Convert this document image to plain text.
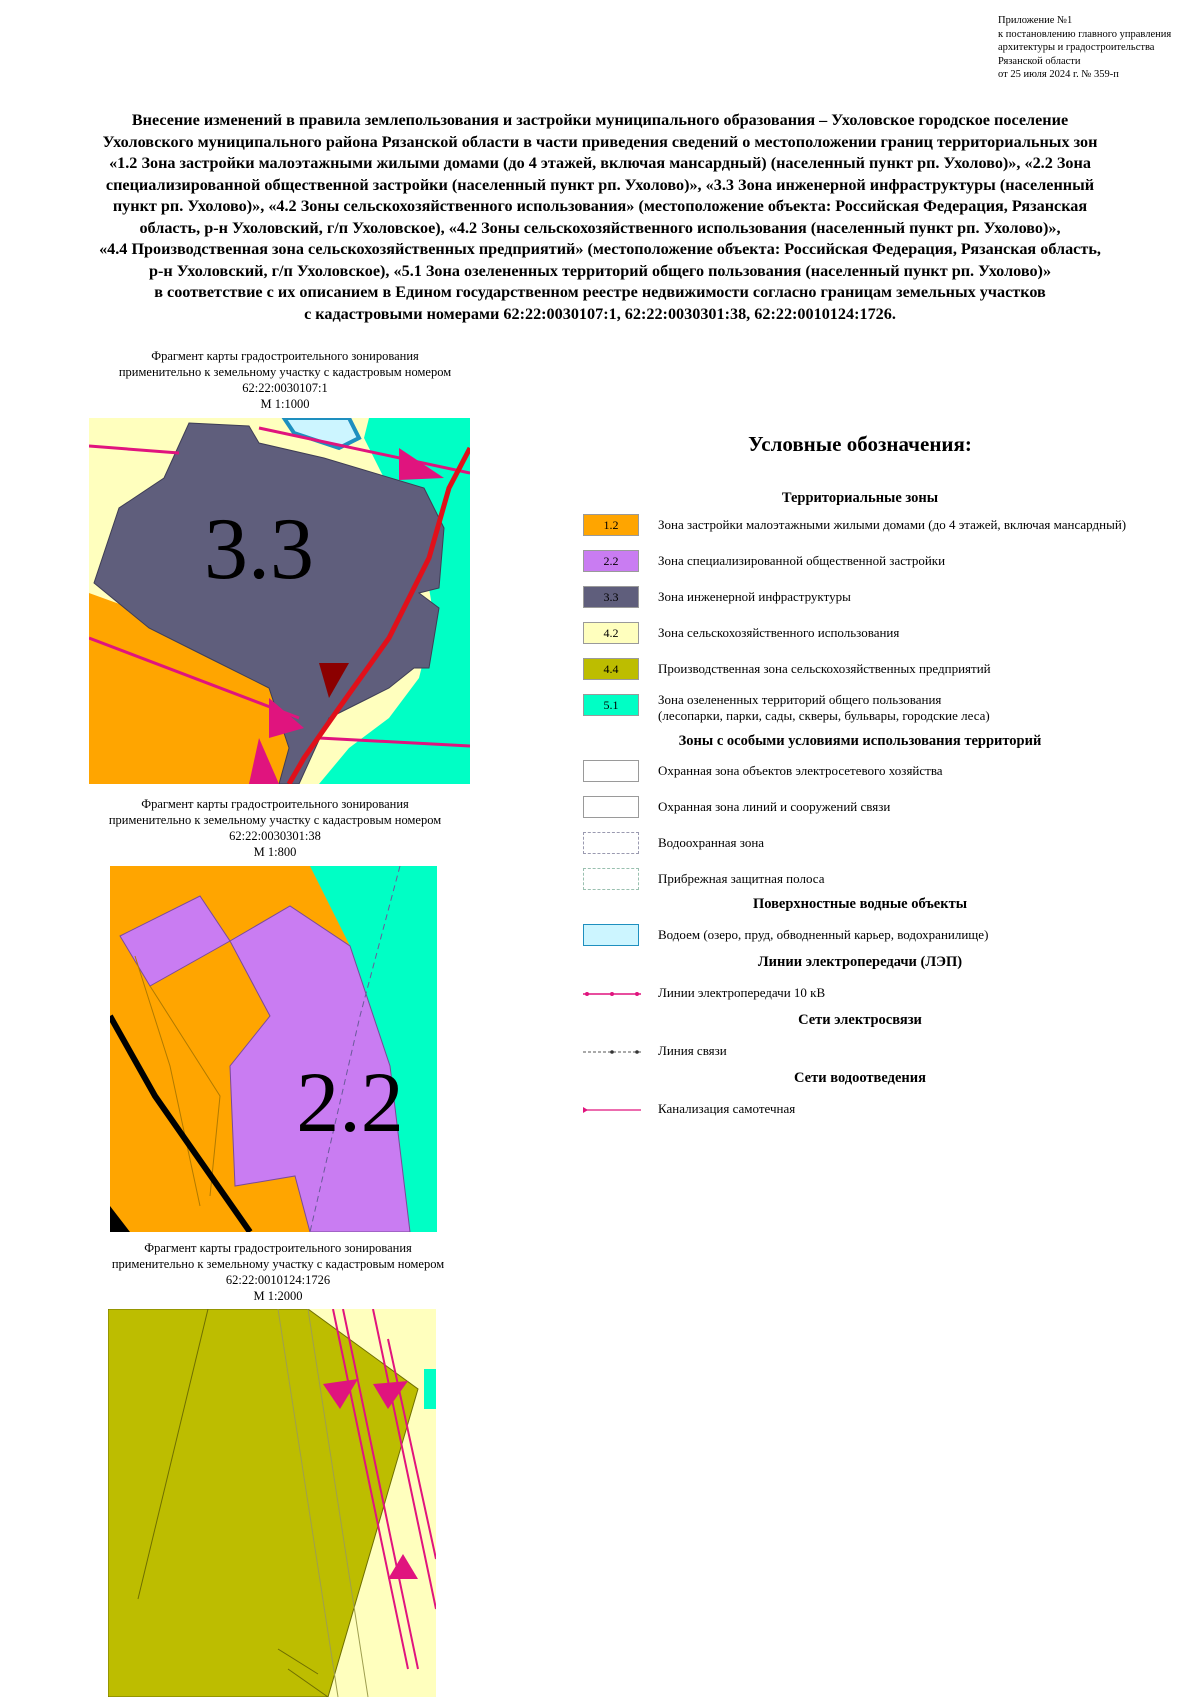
Приложение №1
к постановлению главного управления
архитектуры и градостроительства
Рязанской области
от 25 июля 2024 г. № 359-п
Внесение изменений в правила землепользования и застройки муниципального образования – Ухоловское городское поселение
Ухоловского муниципального района Рязанской области в части приведения сведений о местоположении границ территориальных зон
«1.2 Зона застройки малоэтажными жилыми домами (до 4 этажей, включая мансардный) (населенный пункт рп. Ухолово)», «2.2 Зона
специализированной общественной застройки (населенный пункт рп. Ухолово)», «3.3 Зона инженерной инфраструктуры (населенный
пункт рп. Ухолово)», «4.2 Зоны сельскохозяйственного использования» (местоположение объекта: Российская Федерация, Рязанская
область, р-н Ухоловский, г/п Ухоловское), «4.2 Зоны сельскохозяйственного использования (населенный пункт рп. Ухолово)»,
«4.4 Производственная зона сельскохозяйственных предприятий» (местоположение объекта: Российская Федерация, Рязанская область,
р-н Ухоловский, г/п Ухоловское), «5.1 Зона озелененных территорий общего пользования (населенный пункт рп. Ухолово)»
в соответствие с их описанием в Едином государственном реестре недвижимости согласно границам земельных участков
с кадастровыми номерами 62:22:0030107:1, 62:22:0030301:38, 62:22:0010124:1726.
Фрагмент карты градостроительного зонирования
применительно к земельному участку с кадастровым номером
62:22:0030107:1
М 1:1000
3.3
Фрагмент карты градостроительного зонирования
применительно к земельному участку с кадастровым номером
62:22:0030301:38
М 1:800
2.2
Фрагмент карты градостроительного зонирования
применительно к земельному участку с кадастровым номером
62:22:0010124:1726
М 1:2000
Условные обозначения:
Территориальные зоны
1.2	Зона застройки малоэтажными жилыми домами (до 4 этажей, включая мансардный)
2.2	Зона специализированной общественной застройки
3.3	Зона инженерной инфраструктуры
4.2	Зона сельскохозяйственного использования
4.4	Производственная зона сельскохозяйственных предприятий
5.1	Зона озелененных территорий общего пользования
(лесопарки, парки, сады, скверы, бульвары, городские леса)
Зоны с особыми условиями использования территорий
Охранная зона объектов электросетевого хозяйства
Охранная зона линий и сооружений связи
Водоохранная зона
Прибрежная защитная полоса
Поверхностные водные объекты
Водоем (озеро, пруд, обводненный карьер, водохранилище)
Линии электропередачи (ЛЭП)
Линии электропередачи 10 кВ
Сети электросвязи
Линия связи
Сети водоотведения
Канализация самотечная
